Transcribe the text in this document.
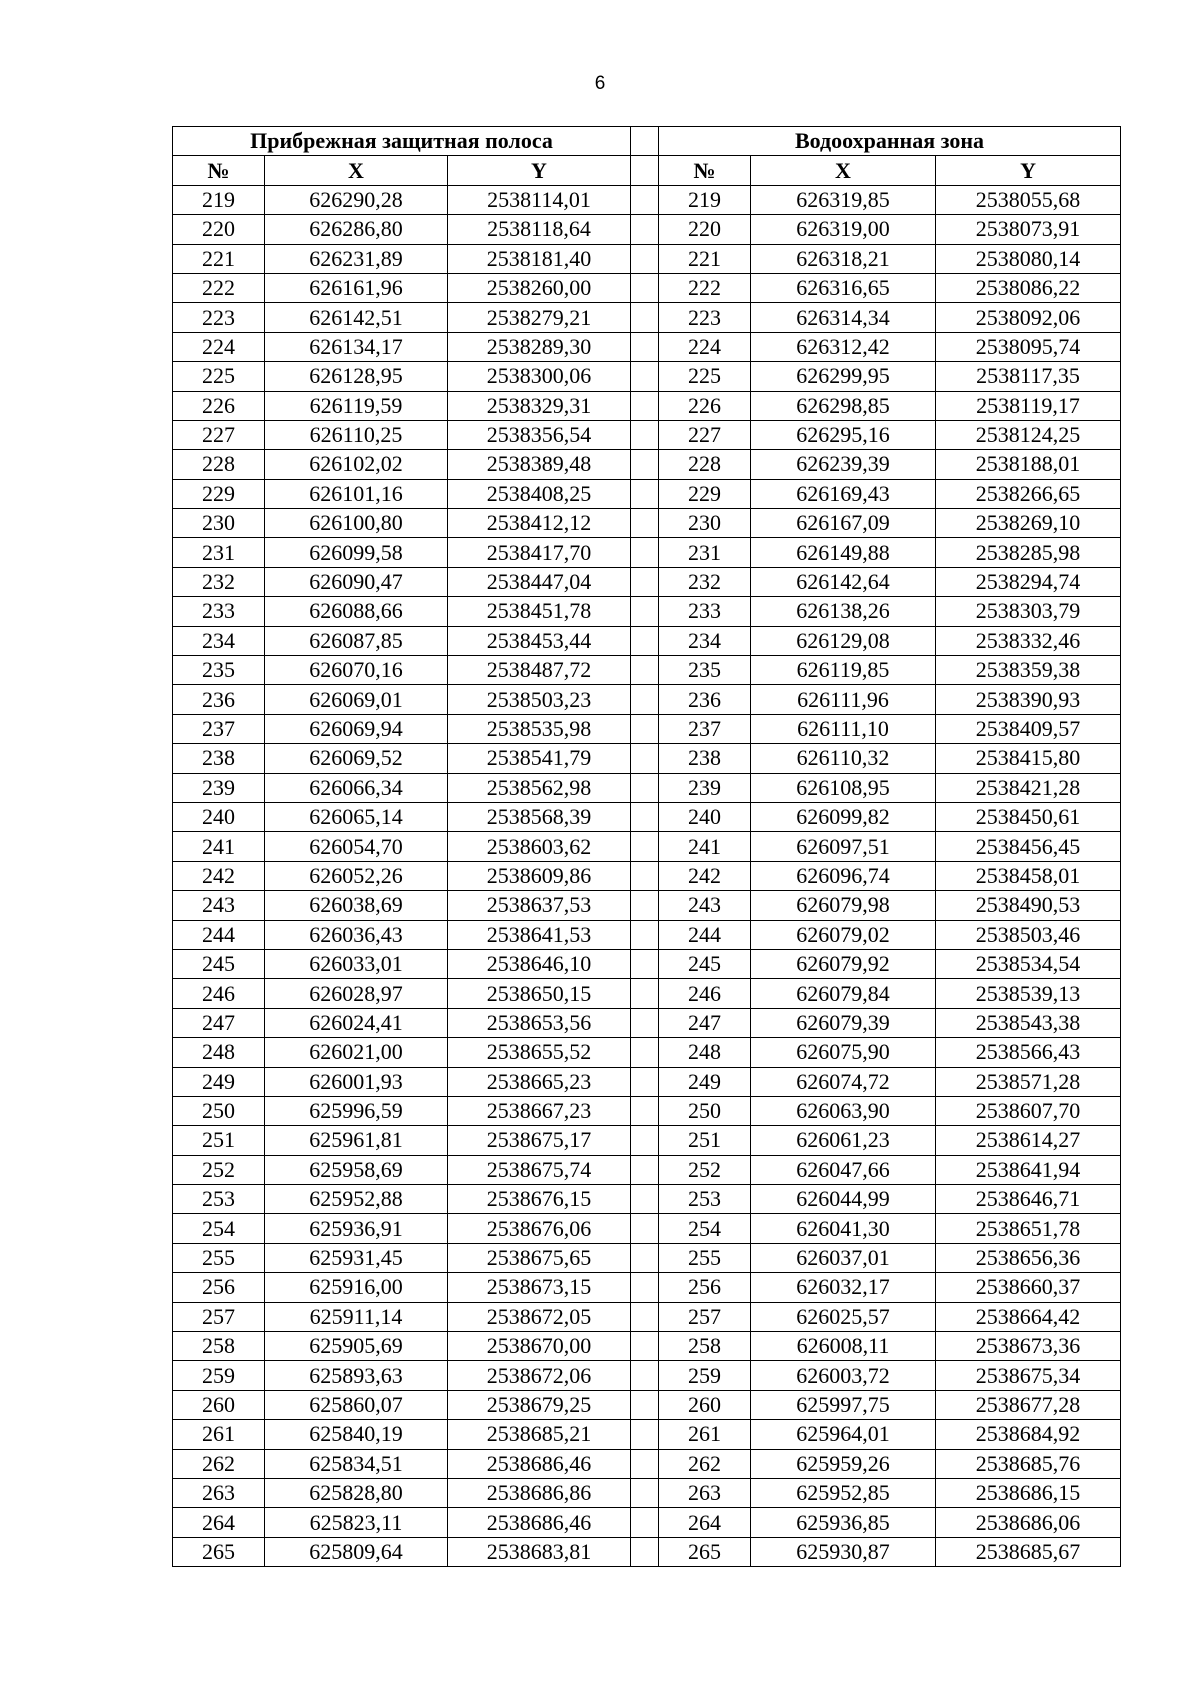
6
Прибрежная защитная полоса				Водоохранная зона		
№	X	Y		№	X	Y
219	626290,28	2538114,01		219	626319,85	2538055,68
220	626286,80	2538118,64		220	626319,00	2538073,91
221	626231,89	2538181,40		221	626318,21	2538080,14
222	626161,96	2538260,00		222	626316,65	2538086,22
223	626142,51	2538279,21		223	626314,34	2538092,06
224	626134,17	2538289,30		224	626312,42	2538095,74
225	626128,95	2538300,06		225	626299,95	2538117,35
226	626119,59	2538329,31		226	626298,85	2538119,17
227	626110,25	2538356,54		227	626295,16	2538124,25
228	626102,02	2538389,48		228	626239,39	2538188,01
229	626101,16	2538408,25		229	626169,43	2538266,65
230	626100,80	2538412,12		230	626167,09	2538269,10
231	626099,58	2538417,70		231	626149,88	2538285,98
232	626090,47	2538447,04		232	626142,64	2538294,74
233	626088,66	2538451,78		233	626138,26	2538303,79
234	626087,85	2538453,44		234	626129,08	2538332,46
235	626070,16	2538487,72		235	626119,85	2538359,38
236	626069,01	2538503,23		236	626111,96	2538390,93
237	626069,94	2538535,98		237	626111,10	2538409,57
238	626069,52	2538541,79		238	626110,32	2538415,80
239	626066,34	2538562,98		239	626108,95	2538421,28
240	626065,14	2538568,39		240	626099,82	2538450,61
241	626054,70	2538603,62		241	626097,51	2538456,45
242	626052,26	2538609,86		242	626096,74	2538458,01
243	626038,69	2538637,53		243	626079,98	2538490,53
244	626036,43	2538641,53		244	626079,02	2538503,46
245	626033,01	2538646,10		245	626079,92	2538534,54
246	626028,97	2538650,15		246	626079,84	2538539,13
247	626024,41	2538653,56		247	626079,39	2538543,38
248	626021,00	2538655,52		248	626075,90	2538566,43
249	626001,93	2538665,23		249	626074,72	2538571,28
250	625996,59	2538667,23		250	626063,90	2538607,70
251	625961,81	2538675,17		251	626061,23	2538614,27
252	625958,69	2538675,74		252	626047,66	2538641,94
253	625952,88	2538676,15		253	626044,99	2538646,71
254	625936,91	2538676,06		254	626041,30	2538651,78
255	625931,45	2538675,65		255	626037,01	2538656,36
256	625916,00	2538673,15		256	626032,17	2538660,37
257	625911,14	2538672,05		257	626025,57	2538664,42
258	625905,69	2538670,00		258	626008,11	2538673,36
259	625893,63	2538672,06		259	626003,72	2538675,34
260	625860,07	2538679,25		260	625997,75	2538677,28
261	625840,19	2538685,21		261	625964,01	2538684,92
262	625834,51	2538686,46		262	625959,26	2538685,76
263	625828,80	2538686,86		263	625952,85	2538686,15
264	625823,11	2538686,46		264	625936,85	2538686,06
265	625809,64	2538683,81		265	625930,87	2538685,67
